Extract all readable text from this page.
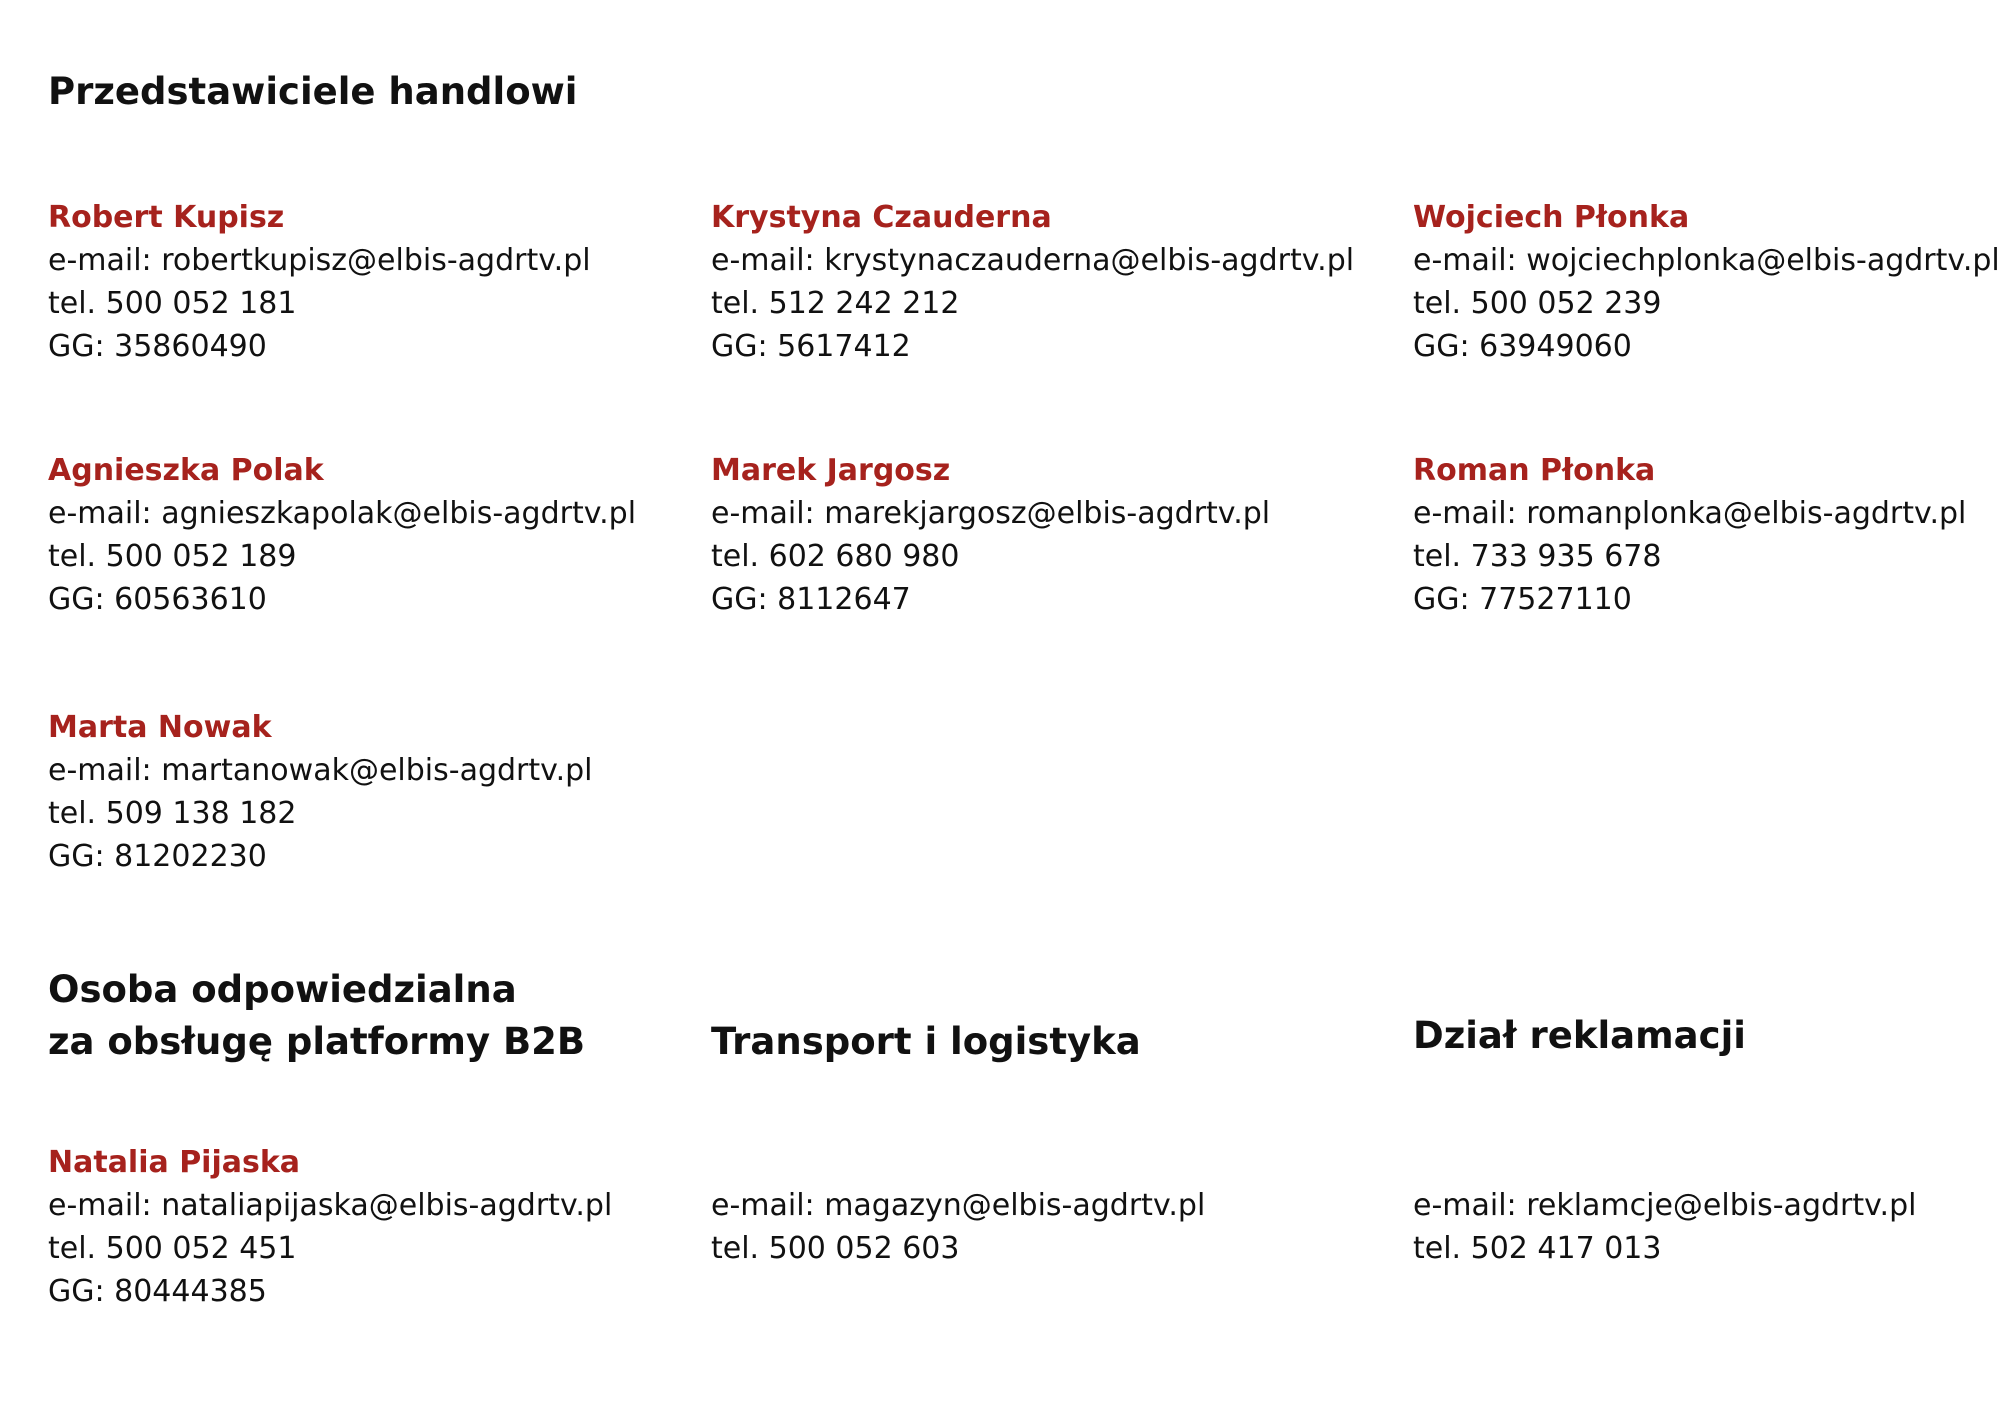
Przedstawiciele handlowi
Robert Kupisz
e-mail: robertkupisz@elbis-agdrtv.pl
tel. 500 052 181
GG: 35860490
Krystyna Czauderna
e-mail: krystynaczauderna@elbis-agdrtv.pl
tel. 512 242 212
GG: 5617412
Wojciech Płonka
e-mail: wojciechplonka@elbis-agdrtv.pl
tel. 500 052 239
GG: 63949060
Agnieszka Polak
e-mail: agnieszkapolak@elbis-agdrtv.pl
tel. 500 052 189
GG: 60563610
Marek Jargosz
e-mail: marekjargosz@elbis-agdrtv.pl
tel. 602 680 980
GG: 8112647
Roman Płonka
e-mail: romanplonka@elbis-agdrtv.pl
tel. 733 935 678
GG: 77527110
Marta Nowak
e-mail: martanowak@elbis-agdrtv.pl
tel. 509 138 182
GG: 81202230
Osoba odpowiedzialna
za obsługę platformy B2B
Natalia Pijaska
e-mail: nataliapijaska@elbis-agdrtv.pl
tel. 500 052 451
GG: 80444385
Transport i logistyka
e-mail: magazyn@elbis-agdrtv.pl
tel. 500 052 603
Dział reklamacji
e-mail: reklamcje@elbis-agdrtv.pl
tel. 502 417 013
